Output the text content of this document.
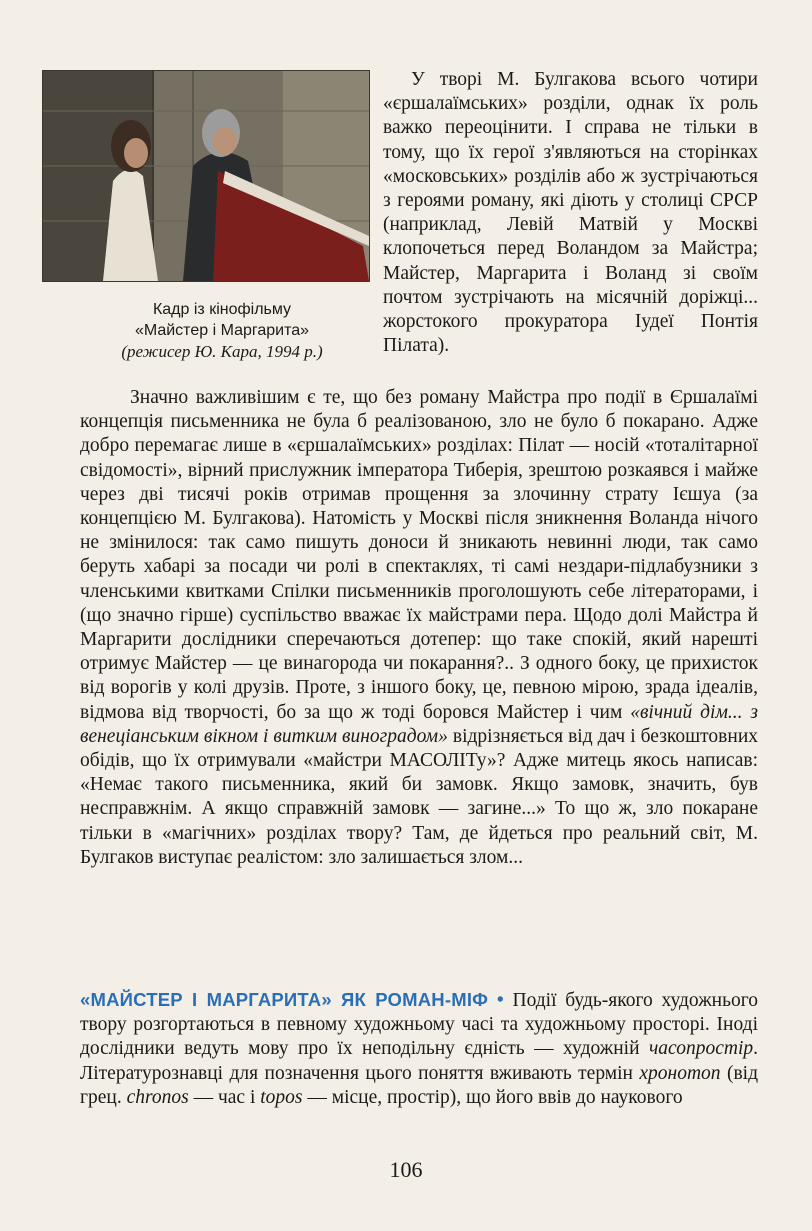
Кадр із кінофільму
«Майстер і Маргарита»
(режисер Ю. Кара, 1994 р.)

У творі М. Булгакова всього чотири «єршалаїмських» розділи, однак їх роль важко переоцінити. І справа не тільки в тому, що їх герої з'являються на сторінках «московських» розділів або ж зустрічаються з героями роману, які діють у столиці СРСР (наприклад, Левій Матвій у Москві клопочеться перед Воландом за Майстра; Майстер, Маргарита і Воланд зі своїм почтом зустрічають на місячній доріжці... жорстокого прокуратора Іудеї Понтія Пілата).

Значно важливішим є те, що без роману Майстра про події в Єршалаїмі концепція письменника не була б реалізованою, зло не було б покарано. Адже добро перемагає лише в «єршалаїмських» розділах: Пілат — носій «тоталітарної свідомості», вірний прислужник імператора Тиберія, зрештою розкаявся і майже через дві тисячі років отримав прощення за злочинну страту Ієшуа (за концепцією М. Булгакова). Натомість у Москві після зникнення Воланда нічого не змінилося: так само пишуть доноси й зникають невинні люди, так само беруть хабарі за посади чи ролі в спектаклях, ті самі нездари-підлабузники з членськими квитками Спілки письменників проголошують себе літераторами, і (що значно гірше) суспільство вважає їх майстрами пера. Щодо долі Майстра й Маргарити дослідники сперечаються дотепер: що таке спокій, який нарешті отримує Майстер — це винагорода чи покарання?.. З одного боку, це прихисток від ворогів у колі друзів. Проте, з іншого боку, це, певною мірою, зрада ідеалів, відмова від творчості, бо за що ж тоді боровся Майстер і чим «вічний дім... з венеціанським вікном і витким виноградом» відрізняється від дач і безкоштовних обідів, що їх отримували «майстри МАСОЛІТу»? Адже митець якось написав: «Немає такого письменника, який би замовк. Якщо замовк, значить, був несправжнім. А якщо справжній замовк — загине...» То що ж, зло покаране тільки в «магічних» розділах твору? Там, де йдеться про реальний світ, М. Булгаков виступає реалістом: зло залишається злом...

«МАЙСТЕР І МАРГАРИТА» ЯК РОМАН-МІФ • Події будь-якого художнього твору розгортаються в певному художньому часі та художньому просторі. Іноді дослідники ведуть мову про їх неподільну єдність — художній часопростір. Літературознавці для позначення цього поняття вживають термін хронотоп (від грец. chronos — час і topos — місце, простір), що його ввів до наукового

106
